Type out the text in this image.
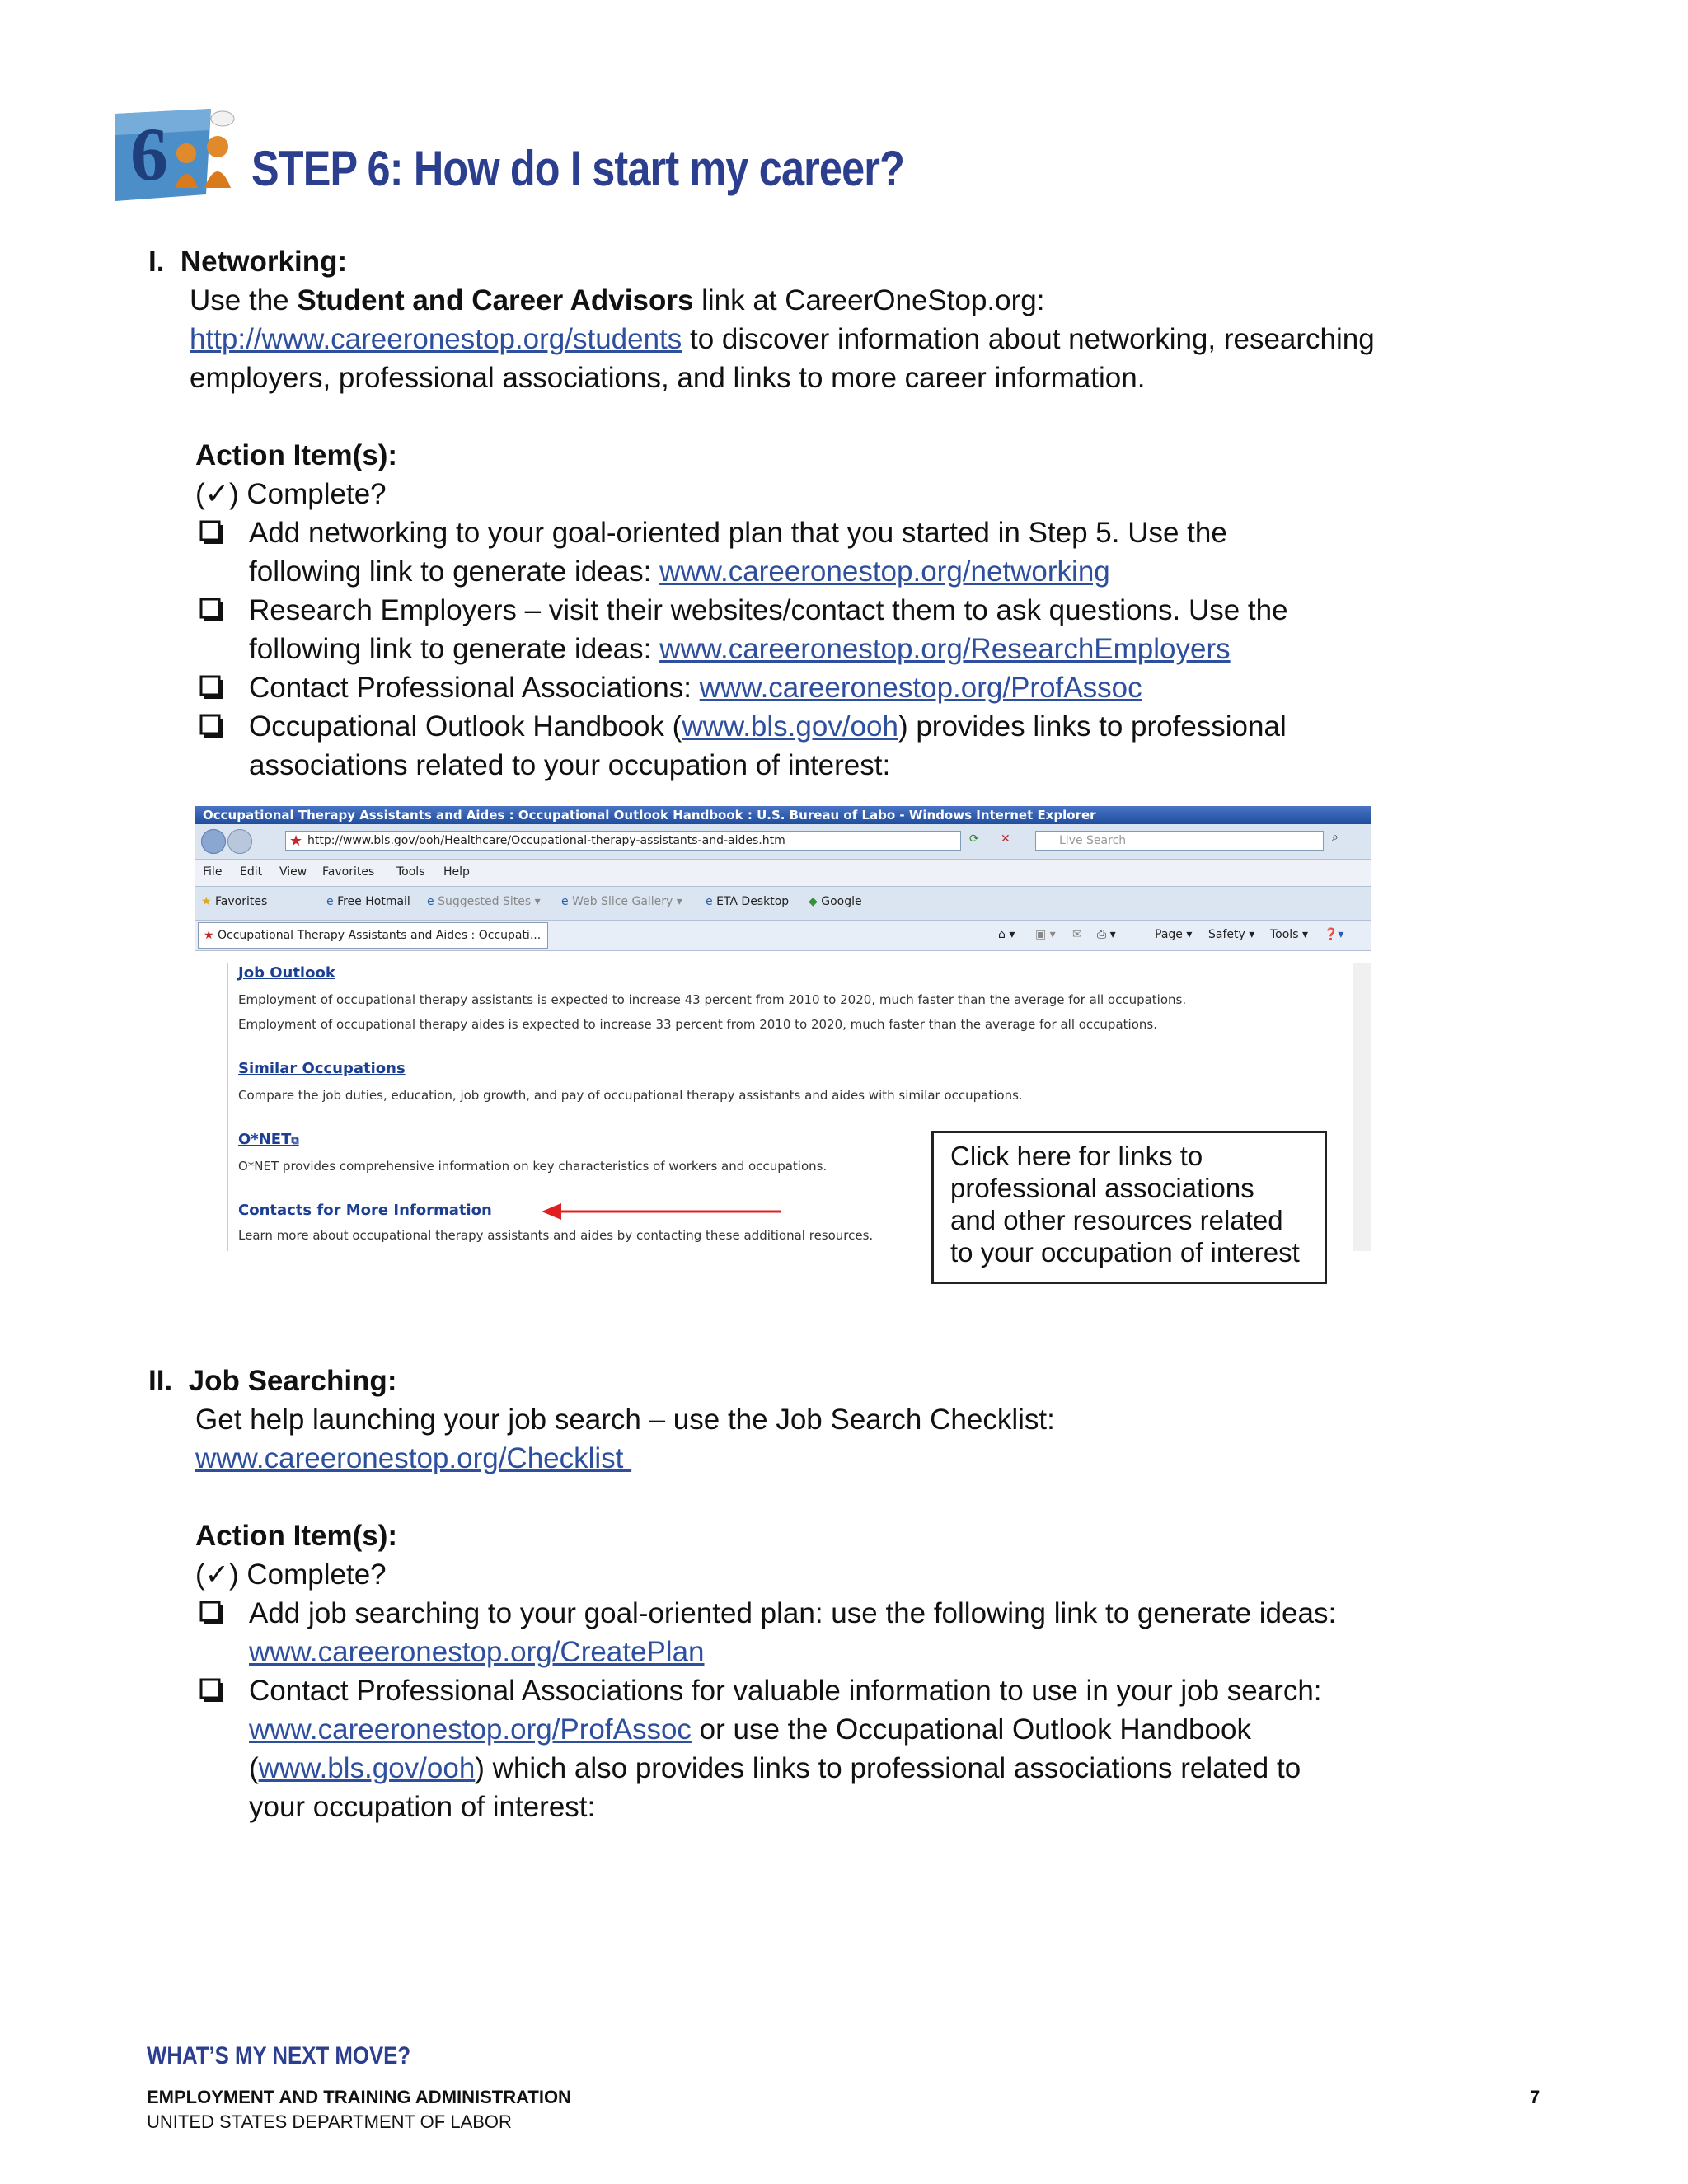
6 STEP 6: How do I start my career?
I. Networking:
Use the Student and Career Advisors link at CareerOneStop.org:
http://www.careeronestop.org/students to discover information about networking, researching
employers, professional associations, and links to more career information.
Action Item(s):
(✓) Complete?
Add networking to your goal-oriented plan that you started in Step 5. Use the
following link to generate ideas: www.careeronestop.org/networking
Research Employers – visit their websites/contact them to ask questions. Use the
following link to generate ideas: www.careeronestop.org/ResearchEmployers
Contact Professional Associations: www.careeronestop.org/ProfAssoc
Occupational Outlook Handbook (www.bls.gov/ooh) provides links to professional
associations related to your occupation of interest:
Occupational Therapy Assistants and Aides : Occupational Outlook Handbook : U.S. Bureau of Labo - Windows Internet Explorer
★ http://www.bls.gov/ooh/Healthcare/Occupational-therapy-assistants-and-aides.htm	⟳ ✕	Live Search	⌕
File Edit View Favorites Tools Help
★ Favorites	e Free Hotmail e Suggested Sites ▾ e Web Slice Gallery ▾ e ETA Desktop ◆ Google
★ Occupational Therapy Assistants and Aides : Occupati...	⌂ ▾ ▣ ▾ ✉ ⎙ ▾	Page ▾ Safety ▾ Tools ▾ ❓▾
Job Outlook
Employment of occupational therapy assistants is expected to increase 43 percent from 2010 to 2020, much faster than the average for all occupations.
Employment of occupational therapy aides is expected to increase 33 percent from 2010 to 2020, much faster than the average for all occupations.
Similar Occupations
Compare the job duties, education, job growth, and pay of occupational therapy assistants and aides with similar occupations.
O*NET⧉
O*NET provides comprehensive information on key characteristics of workers and occupations.
Contacts for More Information
Learn more about occupational therapy assistants and aides by contacting these additional resources.
Click here for links to
professional associations
and other resources related
to your occupation of interest
II. Job Searching:
Get help launching your job search – use the Job Search Checklist:
www.careeronestop.org/Checklist
Action Item(s):
(✓) Complete?
Add job searching to your goal-oriented plan: use the following link to generate ideas:
www.careeronestop.org/CreatePlan
Contact Professional Associations for valuable information to use in your job search:
www.careeronestop.org/ProfAssoc or use the Occupational Outlook Handbook
(www.bls.gov/ooh) which also provides links to professional associations related to
your occupation of interest:
WHAT’S MY NEXT MOVE?
EMPLOYMENT AND TRAINING ADMINISTRATION
UNITED STATES DEPARTMENT OF LABOR
7
